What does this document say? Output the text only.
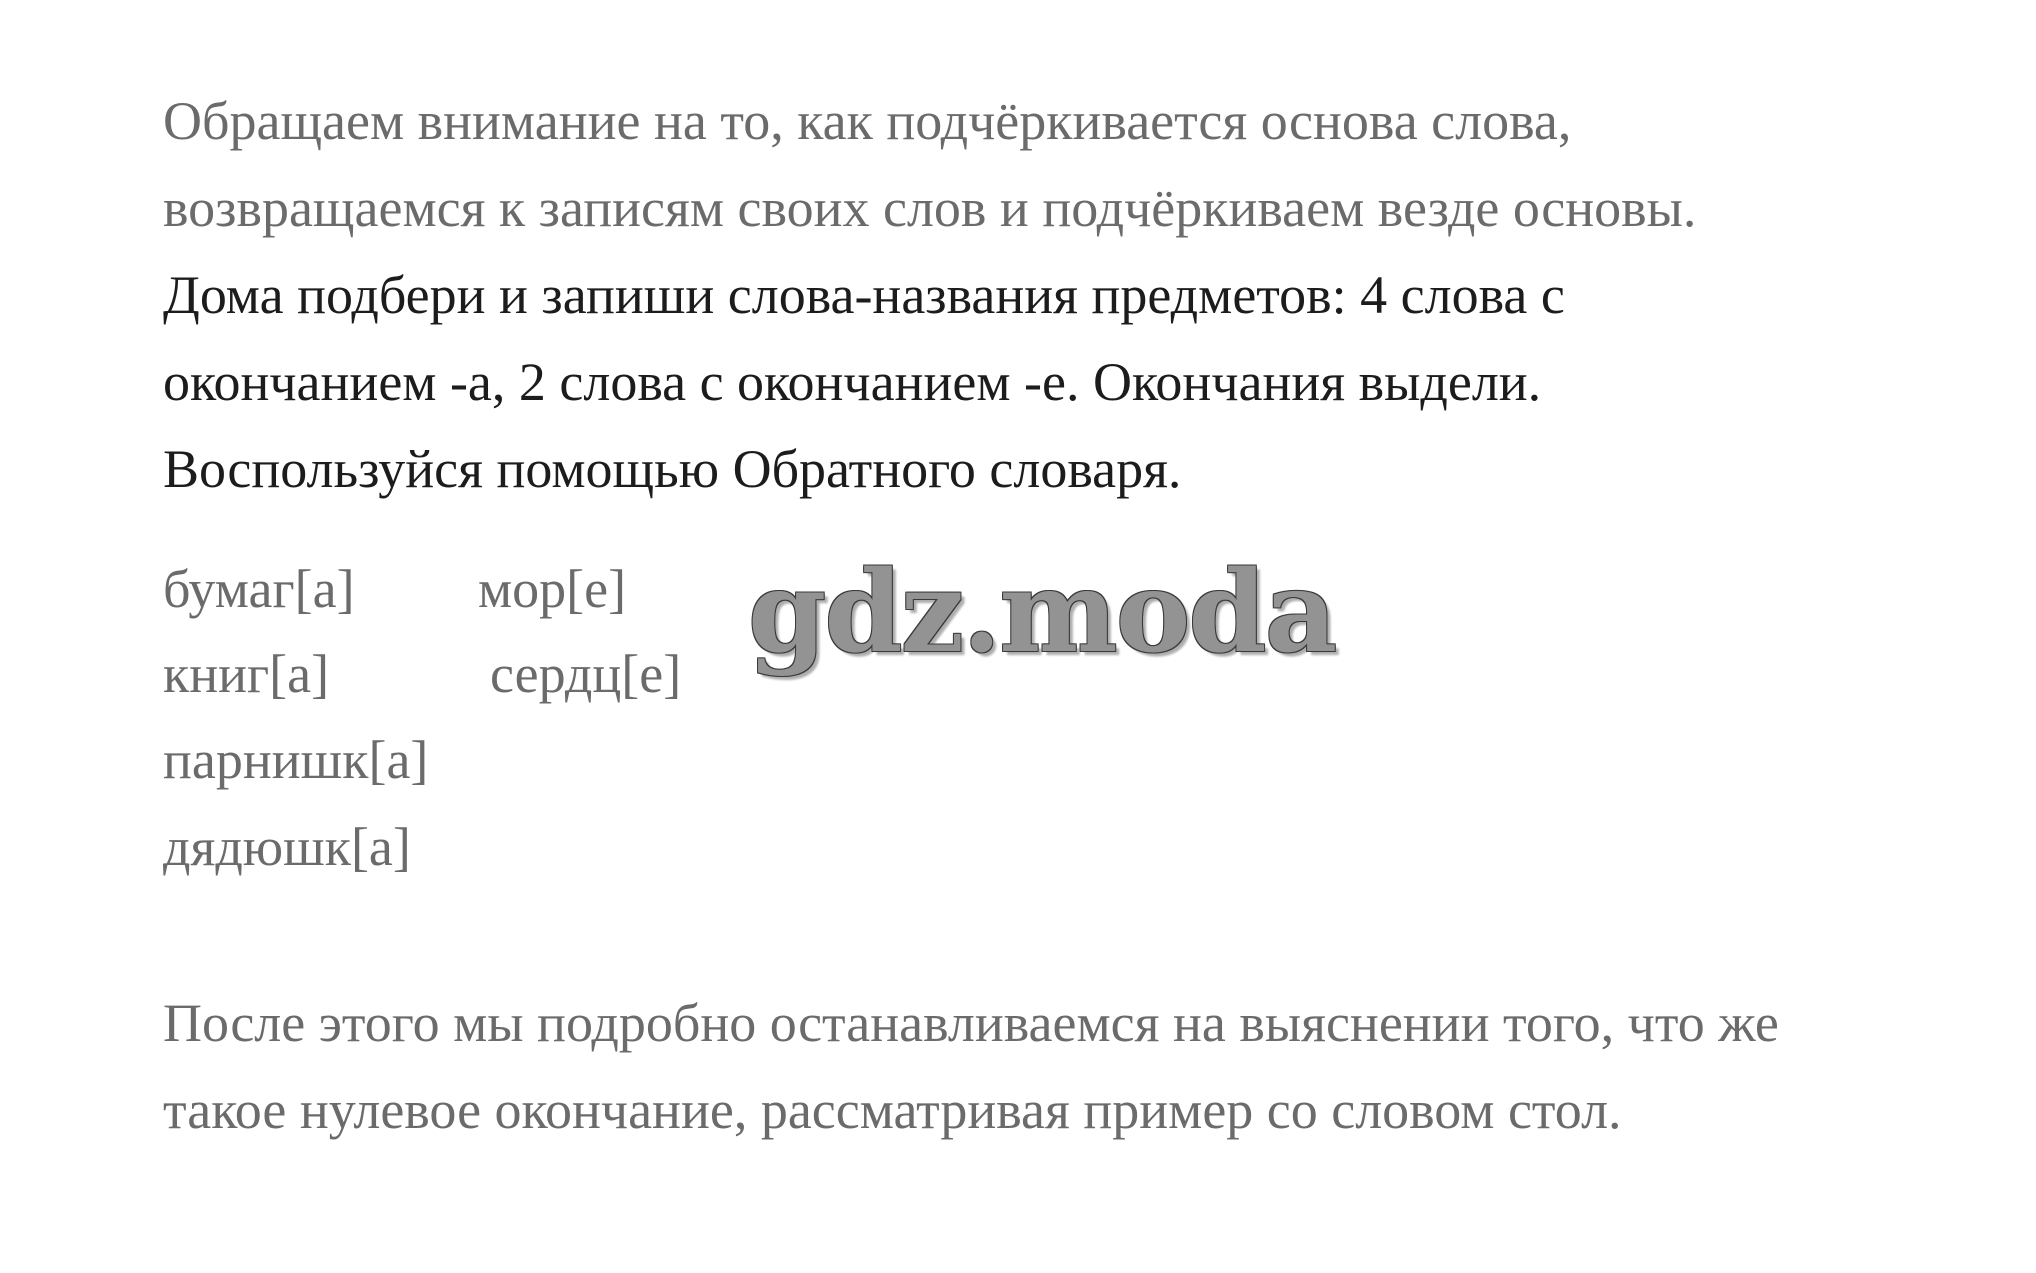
Обращаем внимание на то, как подчёркивается основа слова,

возвращаемся к записям своих слов и подчёркиваем везде основы.

Дома подбери и запиши слова-названия предметов: 4 слова с

окончанием -а, 2 слова с окончанием -е. Окончания выдели.

Воспользуйся помощью Обратного словаря.

бумаг[а]
книг[а]
парнишк[а]
дядюшк[а]
мор[е]
сердц[е] gdz.moda

После этого мы подробно останавливаемся на выяснении того, что же

такое нулевое окончание, рассматривая пример со словом стол.
